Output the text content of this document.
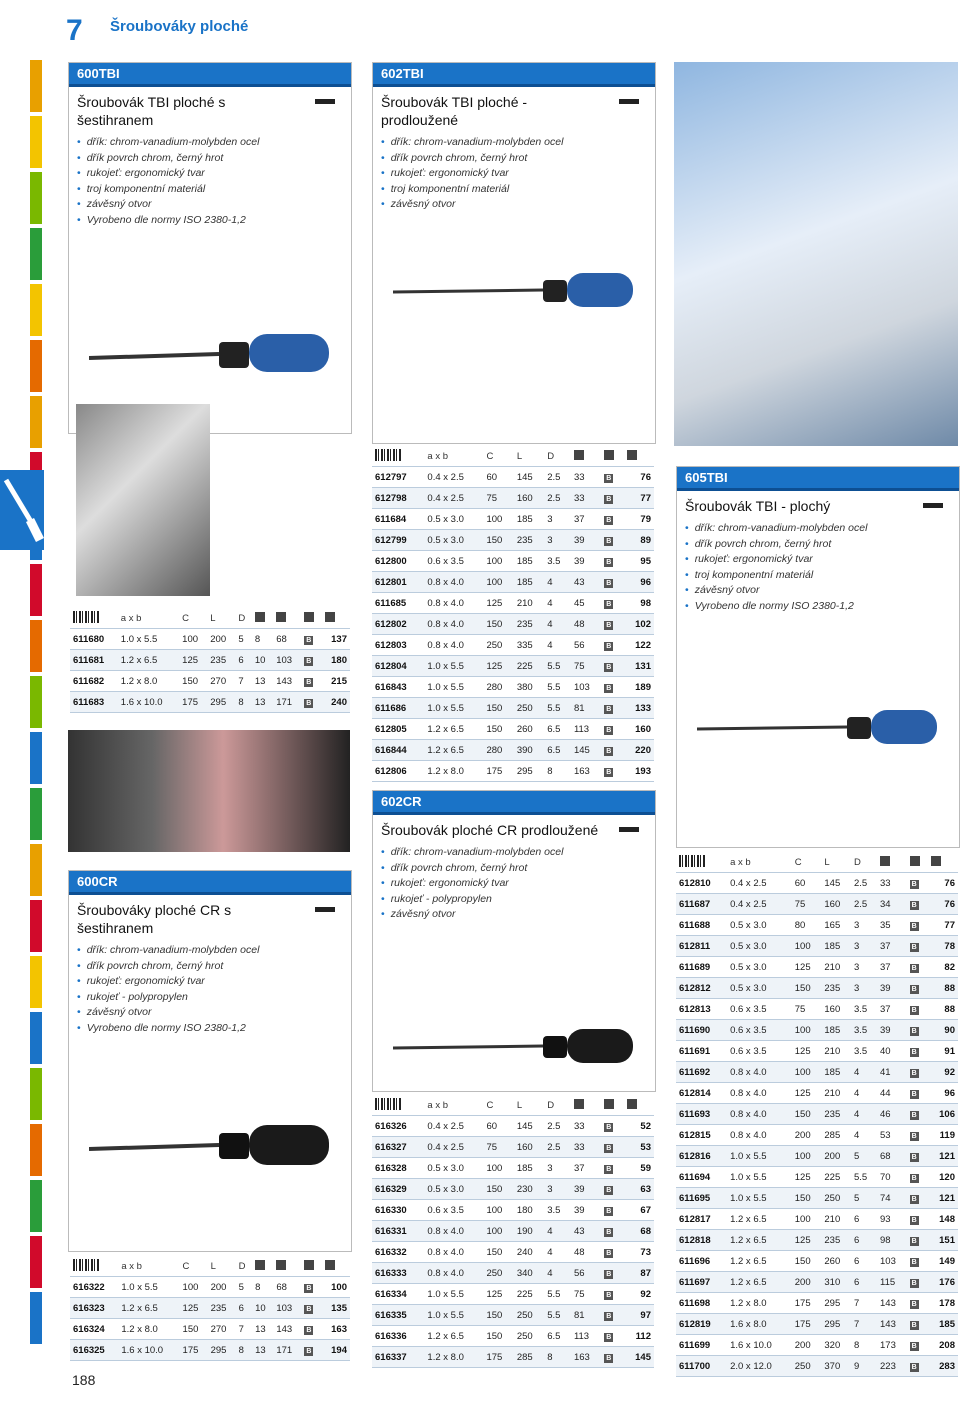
7 Šroubováky ploché
600TBI
Šroubovák TBI ploché s šestihranem
• dřík: chrom-vanadium-molybden ocel
• dřík povrch chrom, černý hrot
• rukojeť: ergonomický tvar
• troj komponentní materiál
• závěsný otvor
• Vyrobeno dle normy ISO 2380-1,2
	a x b	C	L	D				
611680	1.0 x 5.5	100	200	5	8	68	B	137
611681	1.2 x 6.5	125	235	6	10	103	B	180
611682	1.2 x 8.0	150	270	7	13	143	B	215
611683	1.6 x 10.0	175	295	8	13	171	B	240
602TBI
Šroubovák TBI ploché - prodloužené
• dřík: chrom-vanadium-molybden ocel
• dřík povrch chrom, černý hrot
• rukojeť: ergonomický tvar
• troj komponentní materiál
• závěsný otvor
	a x b	C	L	D			
612797	0.4 x 2.5	60	145	2.5	33	B	76
612798	0.4 x 2.5	75	160	2.5	33	B	77
611684	0.5 x 3.0	100	185	3	37	B	79
612799	0.5 x 3.0	150	235	3	39	B	89
612800	0.6 x 3.5	100	185	3.5	39	B	95
612801	0.8 x 4.0	100	185	4	43	B	96
611685	0.8 x 4.0	125	210	4	45	B	98
612802	0.8 x 4.0	150	235	4	48	B	102
612803	0.8 x 4.0	250	335	4	56	B	122
612804	1.0 x 5.5	125	225	5.5	75	B	131
616843	1.0 x 5.5	280	380	5.5	103	B	189
611686	1.0 x 5.5	150	250	5.5	81	B	133
612805	1.2 x 6.5	150	260	6.5	113	B	160
616844	1.2 x 6.5	280	390	6.5	145	B	220
612806	1.2 x 8.0	175	295	8	163	B	193
605TBI
Šroubovák TBI - plochý
• dřík: chrom-vanadium-molybden ocel
• dřík povrch chrom, černý hrot
• rukojeť: ergonomický tvar
• troj komponentní materiál
• závěsný otvor
• Vyrobeno dle normy ISO 2380-1,2
	a x b	C	L	D			
612810	0.4 x 2.5	60	145	2.5	33	B	76
611687	0.4 x 2.5	75	160	2.5	34	B	76
611688	0.5 x 3.0	80	165	3	35	B	77
612811	0.5 x 3.0	100	185	3	37	B	78
611689	0.5 x 3.0	125	210	3	37	B	82
612812	0.5 x 3.0	150	235	3	39	B	88
612813	0.6 x 3.5	75	160	3.5	37	B	88
611690	0.6 x 3.5	100	185	3.5	39	B	90
611691	0.6 x 3.5	125	210	3.5	40	B	91
611692	0.8 x 4.0	100	185	4	41	B	92
612814	0.8 x 4.0	125	210	4	44	B	96
611693	0.8 x 4.0	150	235	4	46	B	106
612815	0.8 x 4.0	200	285	4	53	B	119
612816	1.0 x 5.5	100	200	5	68	B	121
611694	1.0 x 5.5	125	225	5.5	70	B	120
611695	1.0 x 5.5	150	250	5	74	B	121
612817	1.2 x 6.5	100	210	6	93	B	148
612818	1.2 x 6.5	125	235	6	98	B	151
611696	1.2 x 6.5	150	260	6	103	B	149
611697	1.2 x 6.5	200	310	6	115	B	176
611698	1.2 x 8.0	175	295	7	143	B	178
612819	1.6 x 8.0	175	295	7	143	B	185
611699	1.6 x 10.0	200	320	8	173	B	208
611700	2.0 x 12.0	250	370	9	223	B	283
600CR
Šroubováky ploché CR s šestihranem
• dřík: chrom-vanadium-molybden ocel
• dřík povrch chrom, černý hrot
• rukojeť: ergonomický tvar
• rukojeť - polypropylen
• závěsný otvor
• Vyrobeno dle normy ISO 2380-1,2
	a x b	C	L	D				
616322	1.0 x 5.5	100	200	5	8	68	B	100
616323	1.2 x 6.5	125	235	6	10	103	B	135
616324	1.2 x 8.0	150	270	7	13	143	B	163
616325	1.6 x 10.0	175	295	8	13	171	B	194
602CR
Šroubovák ploché CR prodloužené
• dřík: chrom-vanadium-molybden ocel
• dřík povrch chrom, černý hrot
• rukojeť: ergonomický tvar
• rukojeť - polypropylen
• závěsný otvor
	a x b	C	L	D			
616326	0.4 x 2.5	60	145	2.5	33	B	52
616327	0.4 x 2.5	75	160	2.5	33	B	53
616328	0.5 x 3.0	100	185	3	37	B	59
616329	0.5 x 3.0	150	230	3	39	B	63
616330	0.6 x 3.5	100	180	3.5	39	B	67
616331	0.8 x 4.0	100	190	4	43	B	68
616332	0.8 x 4.0	150	240	4	48	B	73
616333	0.8 x 4.0	250	340	4	56	B	87
616334	1.0 x 5.5	125	225	5.5	75	B	92
616335	1.0 x 5.5	150	250	5.5	81	B	97
616336	1.2 x 6.5	150	250	6.5	113	B	112
616337	1.2 x 8.0	175	285	8	163	B	145
188
